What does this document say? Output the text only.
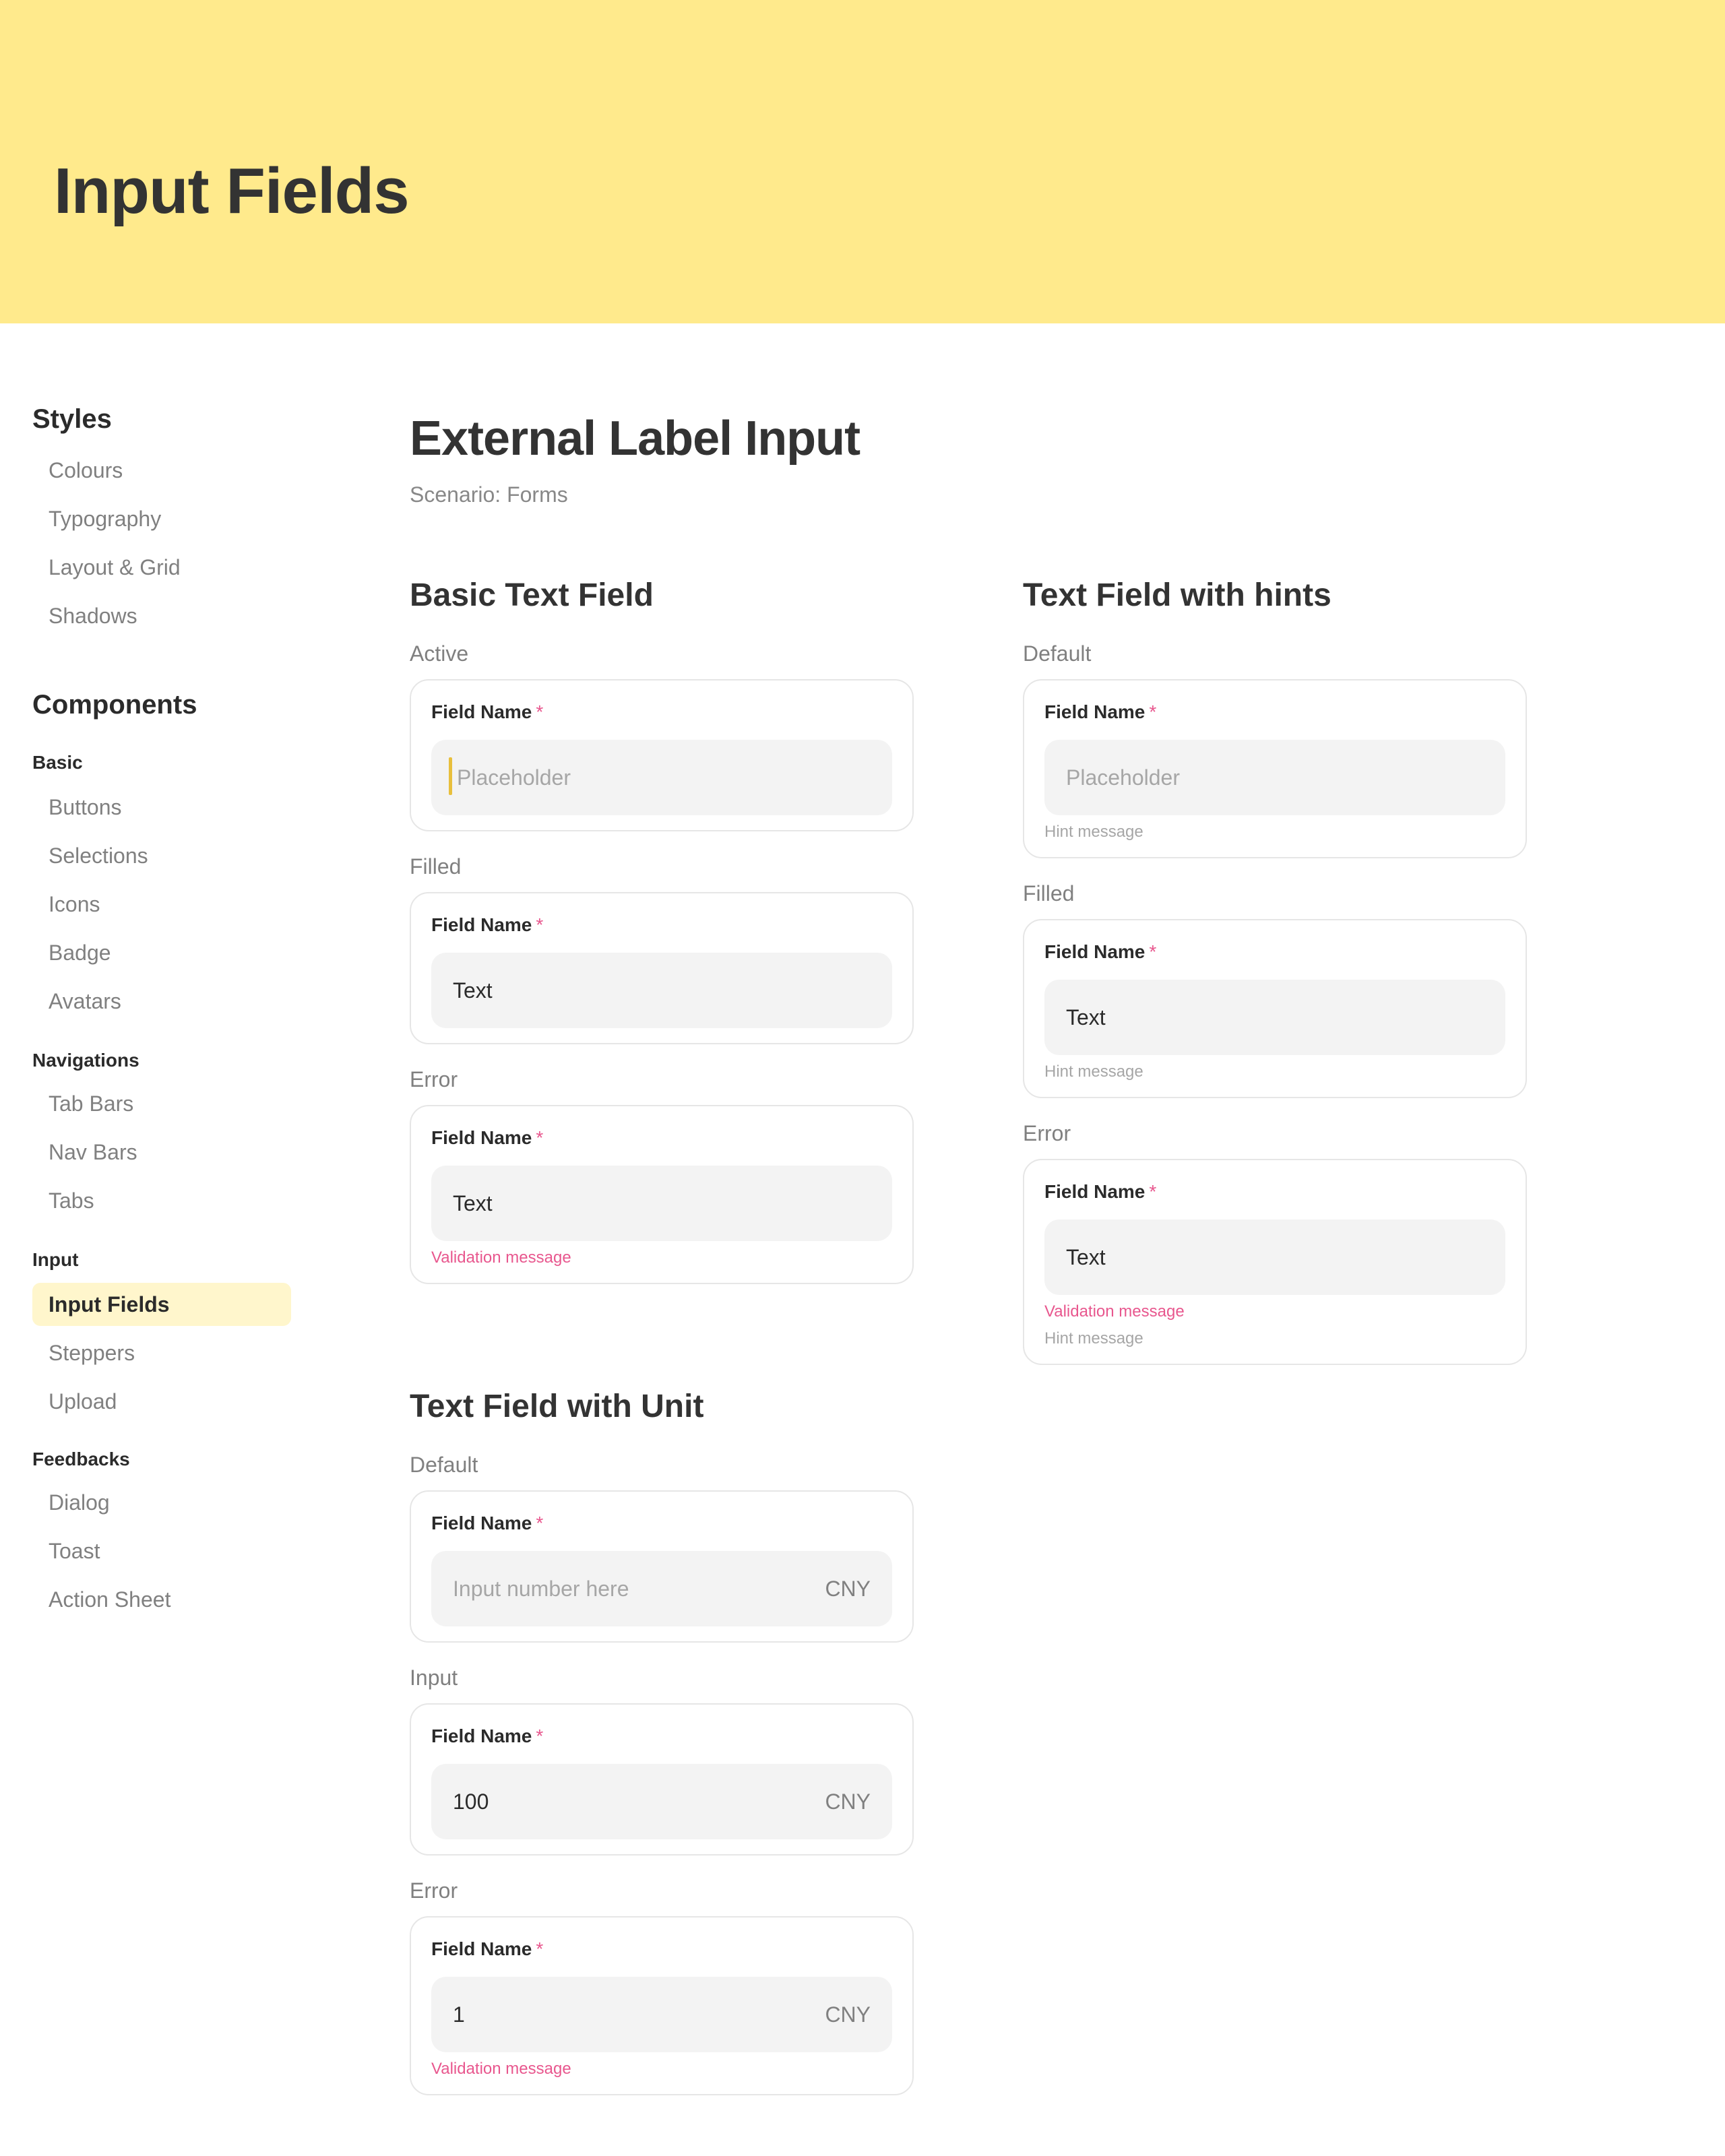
Input Fields
Styles
Colours
Typography
Layout & Grid
Shadows
Components
Basic
Buttons
Selections
Icons
Badge
Avatars
Navigations
Tab Bars
Nav Bars
Tabs
Input
Input Fields
Steppers
Upload
Feedbacks
Dialog
Toast
Action Sheet
External Label Input
Scenario: Forms
Basic Text Field
Active
Field Name *
Placeholder
Filled
Field Name *
Text
Error
Field Name *
Text
Validation message
Text Field with hints
Default
Field Name *
Placeholder
Hint message
Filled
Field Name *
Text
Hint message
Error
Field Name *
Text
Validation message
Hint message
Text Field with Unit
Default
Field Name *
Input number here	CNY
Input
Field Name *
100	CNY
Error
Field Name *
1	CNY
Validation message
